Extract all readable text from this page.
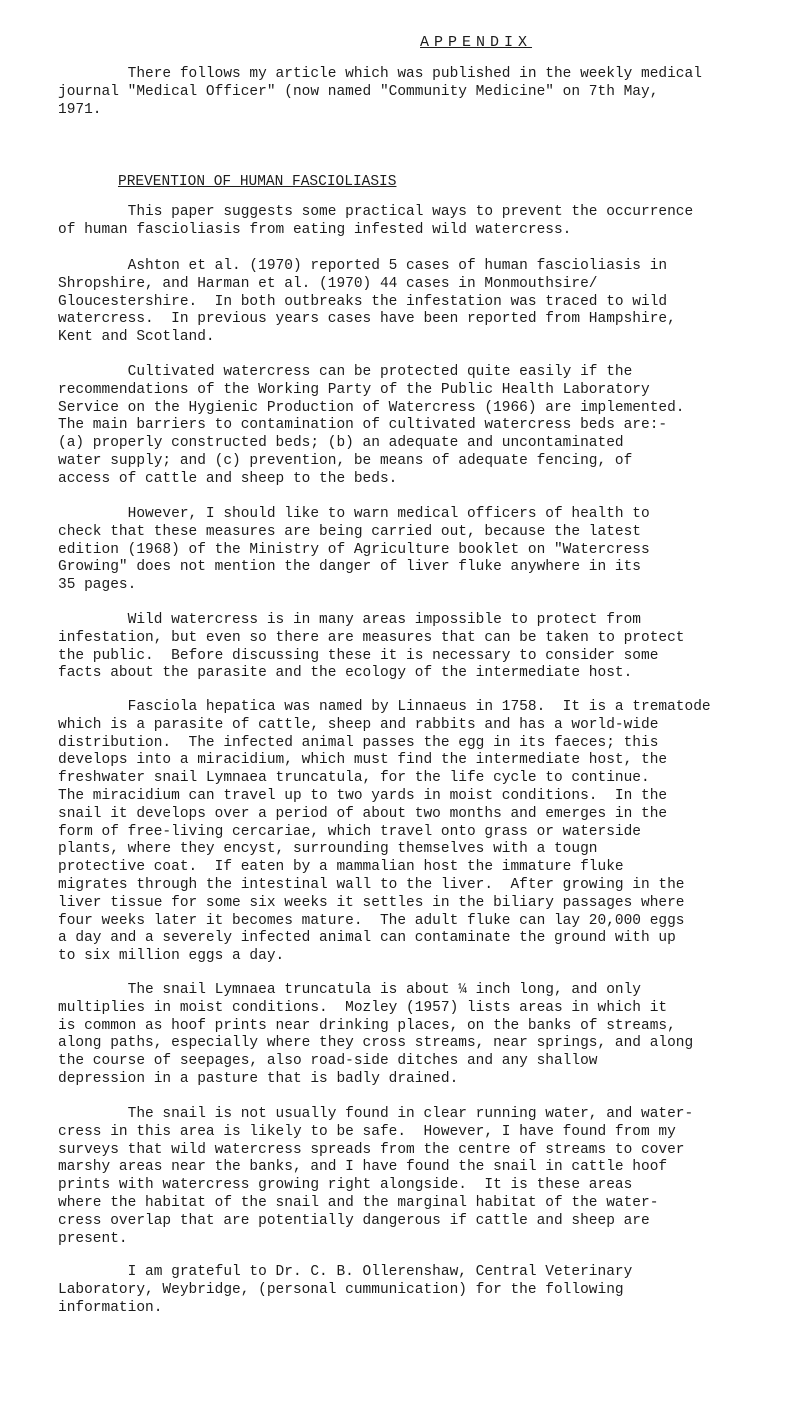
APPENDIX
There follows my article which was published in the weekly medical
journal "Medical Officer" (now named "Community Medicine" on 7th May,
1971.
PREVENTION OF HUMAN FASCIOLIASIS
This paper suggests some practical ways to prevent the occurrence
of human fascioliasis from eating infested wild watercress.
Ashton et al. (1970) reported 5 cases of human fascioliasis in
Shropshire, and Harman et al. (1970) 44 cases in Monmouthsire/
Gloucestershire.  In both outbreaks the infestation was traced to wild
watercress.  In previous years cases have been reported from Hampshire,
Kent and Scotland.
Cultivated watercress can be protected quite easily if the
recommendations of the Working Party of the Public Health Laboratory
Service on the Hygienic Production of Watercress (1966) are implemented.
The main barriers to contamination of cultivated watercress beds are:-
(a) properly constructed beds; (b) an adequate and uncontaminated
water supply; and (c) prevention, be means of adequate fencing, of
access of cattle and sheep to the beds.
However, I should like to warn medical officers of health to
check that these measures are being carried out, because the latest
edition (1968) of the Ministry of Agriculture booklet on "Watercress
Growing" does not mention the danger of liver fluke anywhere in its
35 pages.
Wild watercress is in many areas impossible to protect from
infestation, but even so there are measures that can be taken to protect
the public.  Before discussing these it is necessary to consider some
facts about the parasite and the ecology of the intermediate host.
Fasciola hepatica was named by Linnaeus in 1758.  It is a trematode
which is a parasite of cattle, sheep and rabbits and has a world-wide
distribution.  The infected animal passes the egg in its faeces; this
develops into a miracidium, which must find the intermediate host, the
freshwater snail Lymnaea truncatula, for the life cycle to continue.
The miracidium can travel up to two yards in moist conditions.  In the
snail it develops over a period of about two months and emerges in the
form of free-living cercariae, which travel onto grass or waterside
plants, where they encyst, surrounding themselves with a tougn
protective coat.  If eaten by a mammalian host the immature fluke
migrates through the intestinal wall to the liver.  After growing in the
liver tissue for some six weeks it settles in the biliary passages where
four weeks later it becomes mature.  The adult fluke can lay 20,000 eggs
a day and a severely infected animal can contaminate the ground with up
to six million eggs a day.
The snail Lymnaea truncatula is about ¼ inch long, and only
multiplies in moist conditions.  Mozley (1957) lists areas in which it
is common as hoof prints near drinking places, on the banks of streams,
along paths, especially where they cross streams, near springs, and along
the course of seepages, also road-side ditches and any shallow
depression in a pasture that is badly drained.
The snail is not usually found in clear running water, and water-
cress in this area is likely to be safe.  However, I have found from my
surveys that wild watercress spreads from the centre of streams to cover
marshy areas near the banks, and I have found the snail in cattle hoof
prints with watercress growing right alongside.  It is these areas
where the habitat of the snail and the marginal habitat of the water-
cress overlap that are potentially dangerous if cattle and sheep are
present.
I am grateful to Dr. C. B. Ollerenshaw, Central Veterinary
Laboratory, Weybridge, (personal cummunication) for the following
information.
